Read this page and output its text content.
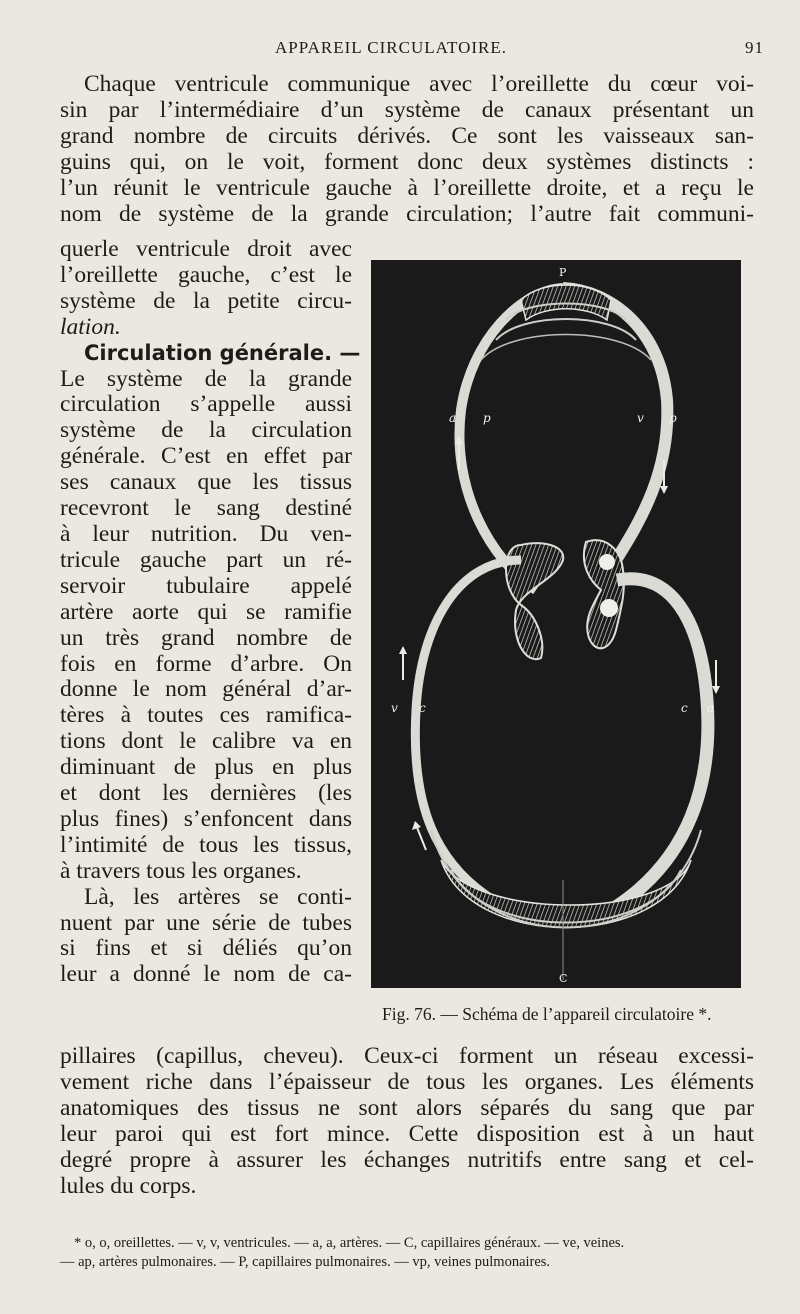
APPAREIL CIRCULATOIRE.	91
Chaque ventricule communique avec l’oreillette du cœur voi-
sin par l’intermédiaire d’un système de canaux présentant un
grand nombre de circuits dérivés. Ce sont les vaisseaux san-
guins qui, on le voit, forment donc deux systèmes distincts :
l’un réunit le ventricule gauche à l’oreillette droite, et a reçu le
nom de système de la grande circulation; l’autre fait communi-
querle ventricule droit avec
l’oreillette gauche, c’est le
système de la petite circu-
lation.
Circulation générale. —
Le système de la grande
circulation s’appelle aussi
système de la circulation
générale. C’est en effet par
ses canaux que les tissus
recevront le sang destiné
à leur nutrition. Du ven-
tricule gauche part un ré-
servoir tubulaire appelé
artère aorte qui se ramifie
un très grand nombre de
fois en forme d’arbre. On
donne le nom général d’ar-
tères à toutes ces ramifica-
tions dont le calibre va en
diminuant de plus en plus
et dont les dernières (les
plus fines) s’enfoncent dans
l’intimité de tous les tissus,
à travers tous les organes.
Là, les artères se conti-
nuent par une série de tubes
si fins et si déliés qu’on
leur a donné le nom de ca-
P
a p	v p
v c	c a
C
Fig. 76. — Schéma de l’appareil circulatoire *.
pillaires (capillus, cheveu). Ceux-ci forment un réseau excessi-
vement riche dans l’épaisseur de tous les organes. Les éléments
anatomiques des tissus ne sont alors séparés du sang que par
leur paroi qui est fort mince. Cette disposition est à un haut
degré propre à assurer les échanges nutritifs entre sang et cel-
lules du corps.
* o, o, oreillettes. — v, v, ventricules. — a, a, artères. — C, capillaires généraux. — ve, veines.
— ap, artères pulmonaires. — P, capillaires pulmonaires. — vp, veines pulmonaires.
